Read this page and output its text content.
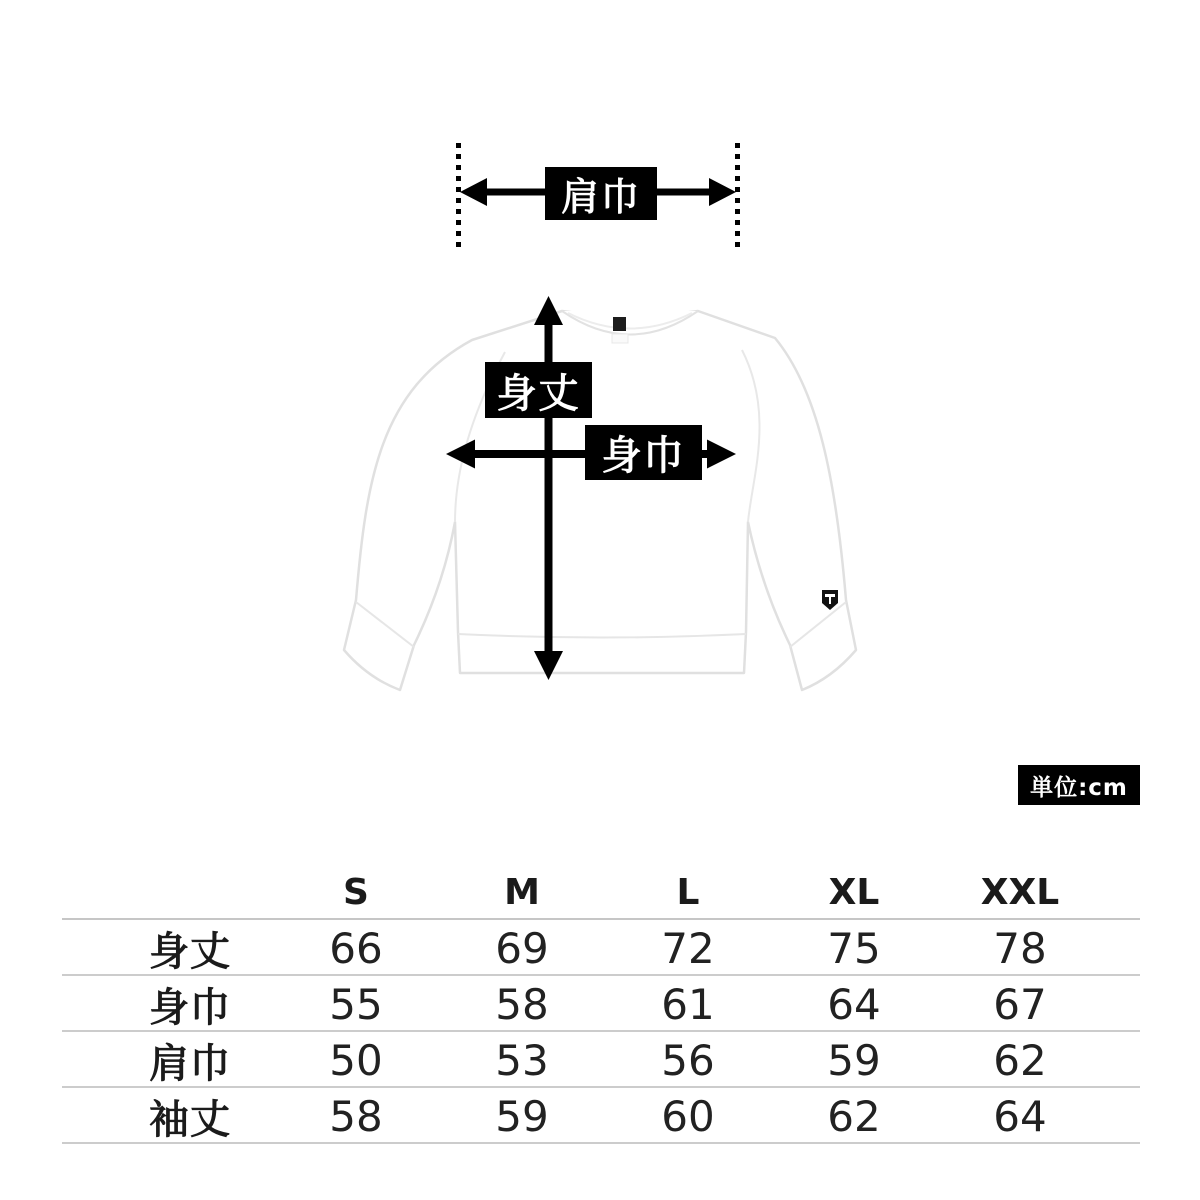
肩巾
身丈
身巾
単位:cm
S	M	L	XL	XXL
身丈	66	69	72	75	78
身巾	55	58	61	64	67
肩巾	50	53	56	59	62
袖丈	58	59	60	62	64
